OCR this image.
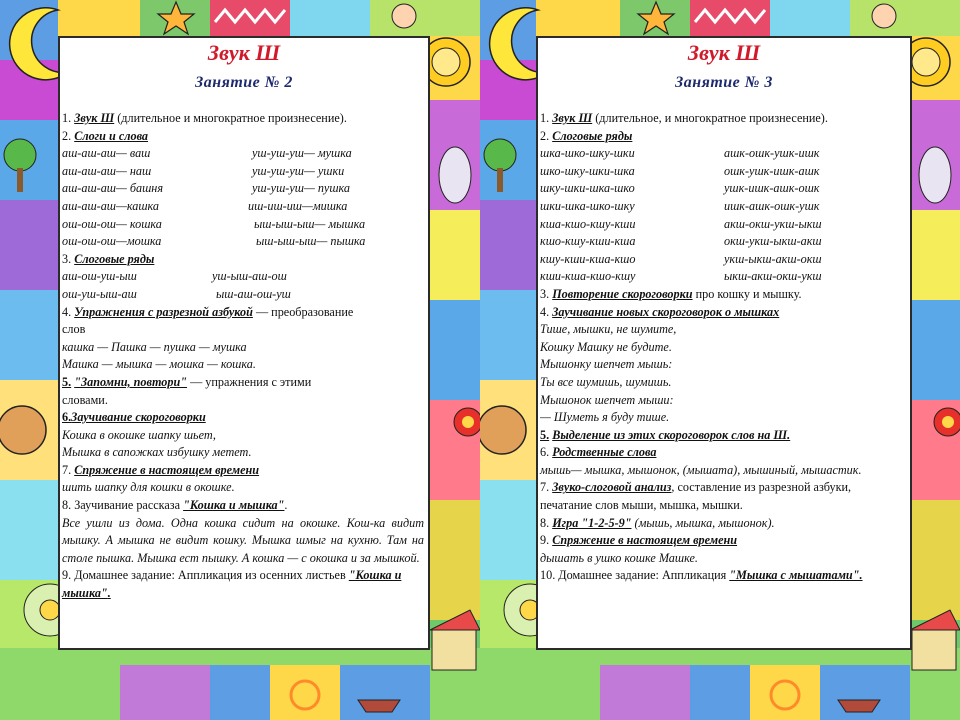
Звук Ш
Занятие № 2
1. Звук Ш (длительное и многократное произнесение).
2. Слоги и слова
аш-аш-аш— ваш	уш-уш-уш— мушка
аш-аш-аш— наш	уш-уш-уш— ушки
аш-аш-аш— башня	уш-уш-уш— пушка
аш-аш-аш—кашка	иш-иш-иш—мишка
ош-ош-ош— кошка	ыш-ыш-ыш— мышка
ош-ош-ош—мошка	ыш-ыш-ыш— пышка
3. Слоговые ряды
аш-ош-уш-ыш	уш-ыш-аш-ош
ош-уш-ыш-аш	ыш-аш-ош-уш
4. Упражнения с разрезной азбукой — преобразование
слов
кашка — Пашка — пушка — мушка
Машка — мышка — мошка — кошка.
5. "Запомни, повтори" — упражнения с этими
словами.
6.Заучивание скороговорки
Кошка в окошке шапку шьет,
Мышка в сапожках избушку метет.
7. Спряжение в настоящем времени
шить шапку для кошки в окошке.
8. Заучивание рассказа "Кошка и мышка".
Все ушли из дома. Одна кошка сидит на окошке. Кош-ка видит мышку. А мышка не видит кошку. Мышка шмыг на кухню. Там на столе пышка. Мышка ест пышку. А кошка — с окошка и за мышкой.
9. Домашнее задание: Аппликация из осенних листьев "Кошка и мышка".
Звук Ш
Занятие № 3
1. Звук Ш (длительное, и многократное произнесение).
2. Слоговые ряды
шка-шко-шку-шки	ашк-ошк-ушк-ишк
шко-шку-шки-шка	ошк-ушк-ишк-ашк
шку-шки-шка-шко	ушк-ишк-ашк-ошк
шки-шка-шко-шку	ишк-ашк-ошк-ушк
кша-кшо-кшу-кши	акш-окш-укш-ыкш
кшо-кшу-кши-кша	окш-укш-ыкш-акш
кшу-кши-кша-кшо	укш-ыкш-акш-окш
кши-кша-кшо-кшу	ыкш-акш-окш-укш
3. Повторение скороговорки про кошку и мышку.
4. Заучивание новых скороговорок о мышках
Тише, мышки, не шумите,
Кошку Машку не будите.
Мышонку шепчет мышь:
Ты все шумишь, шумишь.
Мышонок шепчет мыши:
— Шуметь я буду тише.
5. Выделение из этих скороговорок слов на Ш.
6. Родственные слова
мышь— мышка, мышонок, (мышата), мышиный, мышастик.
7. Звуко-слоговой анализ, составление из разрезной азбуки, печатание слов мыши, мышка, мышки.
8. Игра "1-2-5-9" (мышь, мышка, мышонок).
9. Спряжение в настоящем времени
дышать в ушко кошке Машке.
10. Домашнее задание: Аппликация "Мышка с мышатами".
